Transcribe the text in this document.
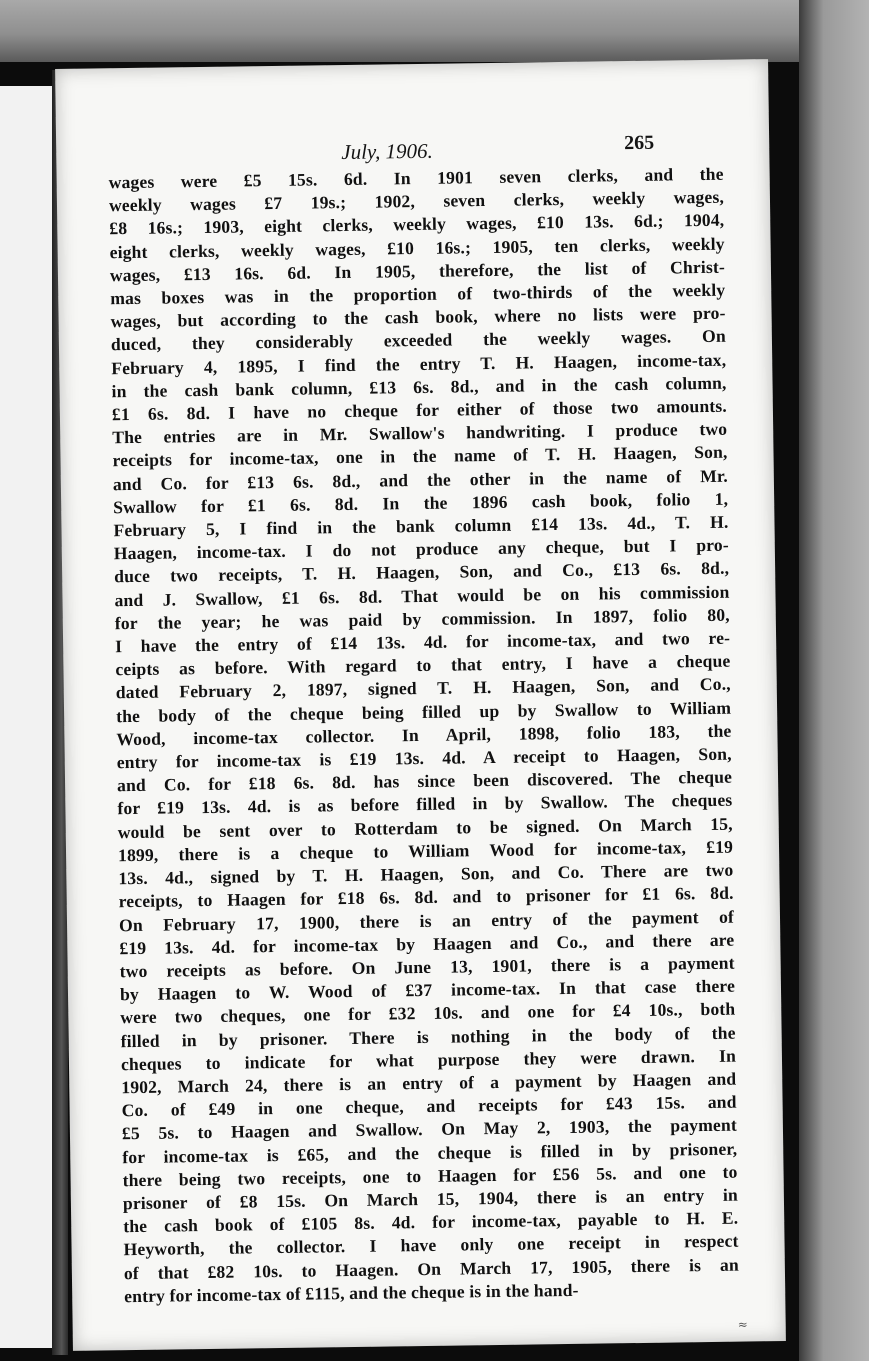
July, 1906.	265
wages were £5 15s. 6d. In 1901 seven clerks, and the
weekly wages £7 19s.; 1902, seven clerks, weekly wages,
£8 16s.; 1903, eight clerks, weekly wages, £10 13s. 6d.; 1904,
eight clerks, weekly wages, £10 16s.; 1905, ten clerks, weekly
wages, £13 16s. 6d. In 1905, therefore, the list of Christ-
mas boxes was in the proportion of two-thirds of the weekly
wages, but according to the cash book, where no lists were pro-
duced, they considerably exceeded the weekly wages. On
February 4, 1895, I find the entry T. H. Haagen, income-tax,
in the cash bank column, £13 6s. 8d., and in the cash column,
£1 6s. 8d. I have no cheque for either of those two amounts.
The entries are in Mr. Swallow's handwriting. I produce two
receipts for income-tax, one in the name of T. H. Haagen, Son,
and Co. for £13 6s. 8d., and the other in the name of Mr.
Swallow for £1 6s. 8d. In the 1896 cash book, folio 1,
February 5, I find in the bank column £14 13s. 4d., T. H.
Haagen, income-tax. I do not produce any cheque, but I pro-
duce two receipts, T. H. Haagen, Son, and Co., £13 6s. 8d.,
and J. Swallow, £1 6s. 8d. That would be on his commission
for the year; he was paid by commission. In 1897, folio 80,
I have the entry of £14 13s. 4d. for income-tax, and two re-
ceipts as before. With regard to that entry, I have a cheque
dated February 2, 1897, signed T. H. Haagen, Son, and Co.,
the body of the cheque being filled up by Swallow to William
Wood, income-tax collector. In April, 1898, folio 183, the
entry for income-tax is £19 13s. 4d. A receipt to Haagen, Son,
and Co. for £18 6s. 8d. has since been discovered. The cheque
for £19 13s. 4d. is as before filled in by Swallow. The cheques
would be sent over to Rotterdam to be signed. On March 15,
1899, there is a cheque to William Wood for income-tax, £19
13s. 4d., signed by T. H. Haagen, Son, and Co. There are two
receipts, to Haagen for £18 6s. 8d. and to prisoner for £1 6s. 8d.
On February 17, 1900, there is an entry of the payment of
£19 13s. 4d. for income-tax by Haagen and Co., and there are
two receipts as before. On June 13, 1901, there is a payment
by Haagen to W. Wood of £37 income-tax. In that case there
were two cheques, one for £32 10s. and one for £4 10s., both
filled in by prisoner. There is nothing in the body of the
cheques to indicate for what purpose they were drawn. In
1902, March 24, there is an entry of a payment by Haagen and
Co. of £49 in one cheque, and receipts for £43 15s. and
£5 5s. to Haagen and Swallow. On May 2, 1903, the payment
for income-tax is £65, and the cheque is filled in by prisoner,
there being two receipts, one to Haagen for £56 5s. and one to
prisoner of £8 15s. On March 15, 1904, there is an entry in
the cash book of £105 8s. 4d. for income-tax, payable to H. E.
Heyworth, the collector. I have only one receipt in respect
of that £82 10s. to Haagen. On March 17, 1905, there is an
entry for income-tax of £115, and the cheque is in the hand-
≈
